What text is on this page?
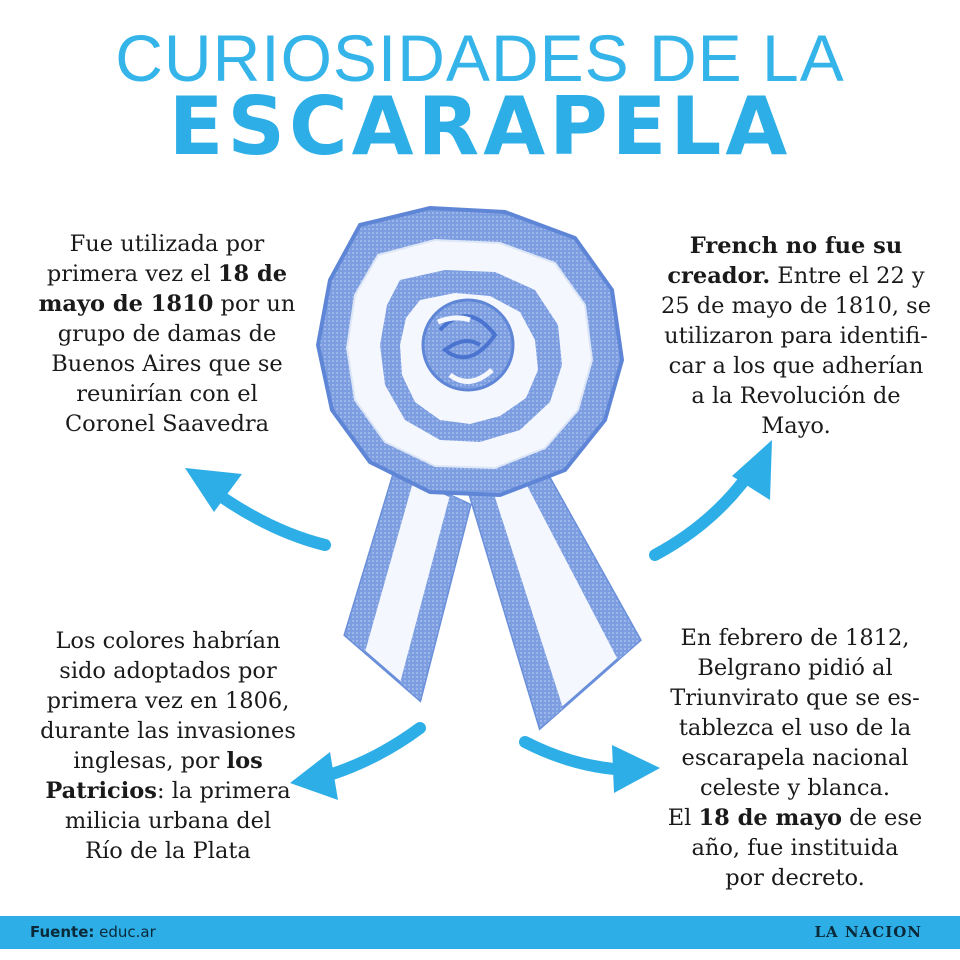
CURIOSIDADES DE LA
ESCARAPELA
Fue utilizada por
primera vez el 18 de
mayo de 1810 por un
grupo de damas de
Buenos Aires que se
reunirían con el
Coronel Saavedra
French no fue su
creador. Entre el 22 y
25 de mayo de 1810, se
utilizaron para identifi-
car a los que adherían
a la Revolución de
Mayo.
Los colores habrían
sido adoptados por
primera vez en 1806,
durante las invasiones
inglesas, por los
Patricios: la primera
milicia urbana del
Río de la Plata
En febrero de 1812,
Belgrano pidió al
Triunvirato que se es-
tablezca el uso de la
escarapela nacional
celeste y blanca.
El 18 de mayo de ese
año, fue instituida
por decreto.
Fuente: educ.ar	LA NACION
